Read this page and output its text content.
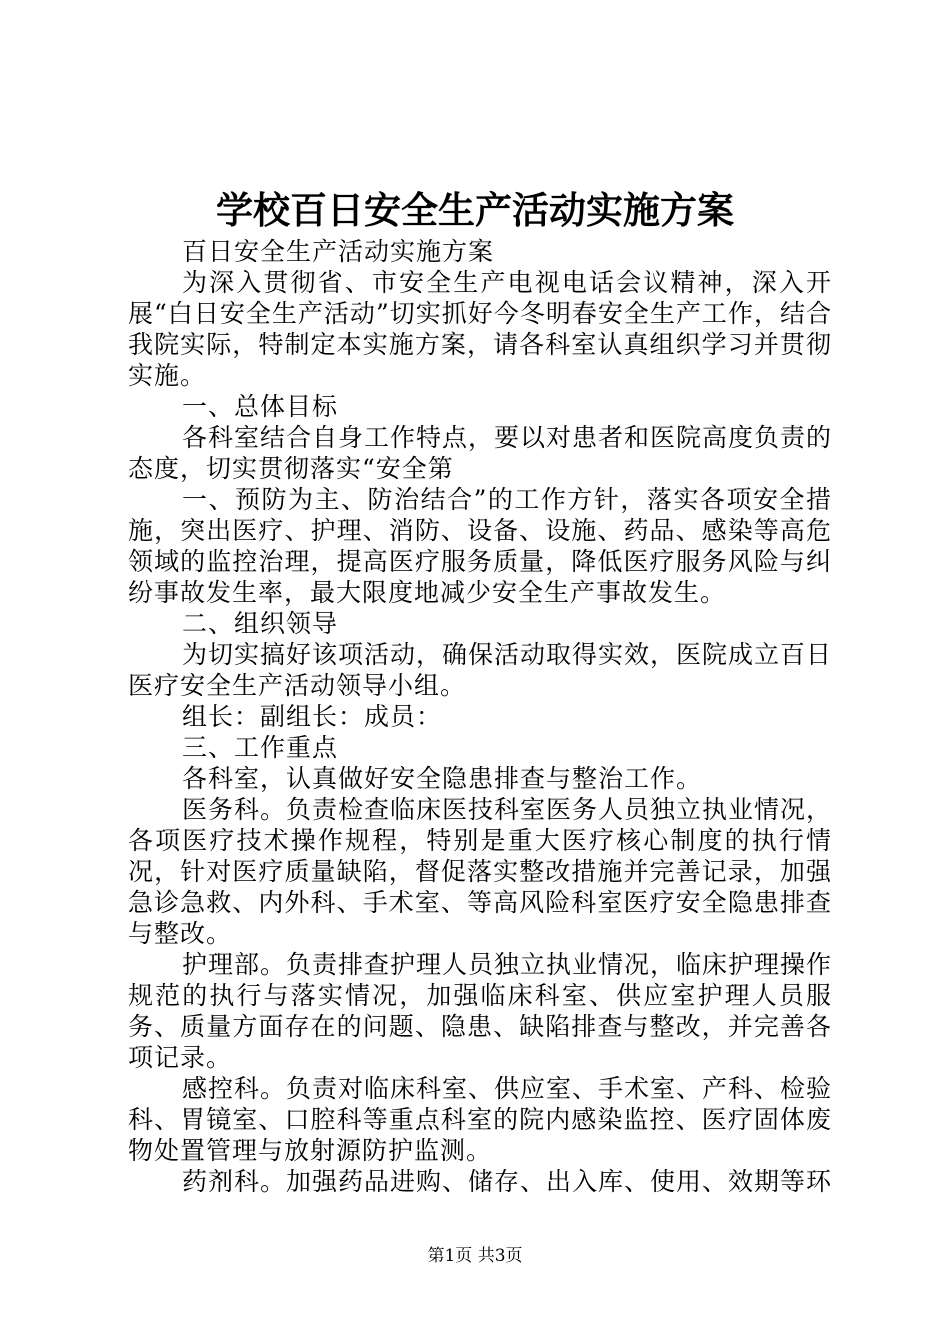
学校百日安全生产活动实施方案

百日安全生产活动实施方案

为深入贯彻省、市安全生产电视电话会议精神，深入开展“白日安全生产活动”切实抓好今冬明春安全生产工作，结合我院实际，特制定本实施方案，请各科室认真组织学习并贯彻实施。

一、总体目标

各科室结合自身工作特点，要以对患者和医院高度负责的态度，切实贯彻落实“安全第

一、预防为主、防治结合”的工作方针，落实各项安全措施，突出医疗、护理、消防、设备、设施、药品、感染等高危领域的监控治理，提高医疗服务质量，降低医疗服务风险与纠纷事故发生率，最大限度地减少安全生产事故发生。

二、组织领导

为切实搞好该项活动，确保活动取得实效，医院成立百日医疗安全生产活动领导小组。

组长：副组长：成员：

三、工作重点

各科室，认真做好安全隐患排查与整治工作。

医务科。负责检查临床医技科室医务人员独立执业情况，各项医疗技术操作规程，特别是重大医疗核心制度的执行情况，针对医疗质量缺陷，督促落实整改措施并完善记录，加强急诊急救、内外科、手术室、等高风险科室医疗安全隐患排查与整改。

护理部。负责排查护理人员独立执业情况，临床护理操作规范的执行与落实情况，加强临床科室、供应室护理人员服务、质量方面存在的问题、隐患、缺陷排查与整改，并完善各项记录。

感控科。负责对临床科室、供应室、手术室、产科、检验科、胃镜室、口腔科等重点科室的院内感染监控、医疗固体废物处置管理与放射源防护监测。

药剂科。加强药品进购、储存、出入库、使用、效期等环

第1页 共3页
